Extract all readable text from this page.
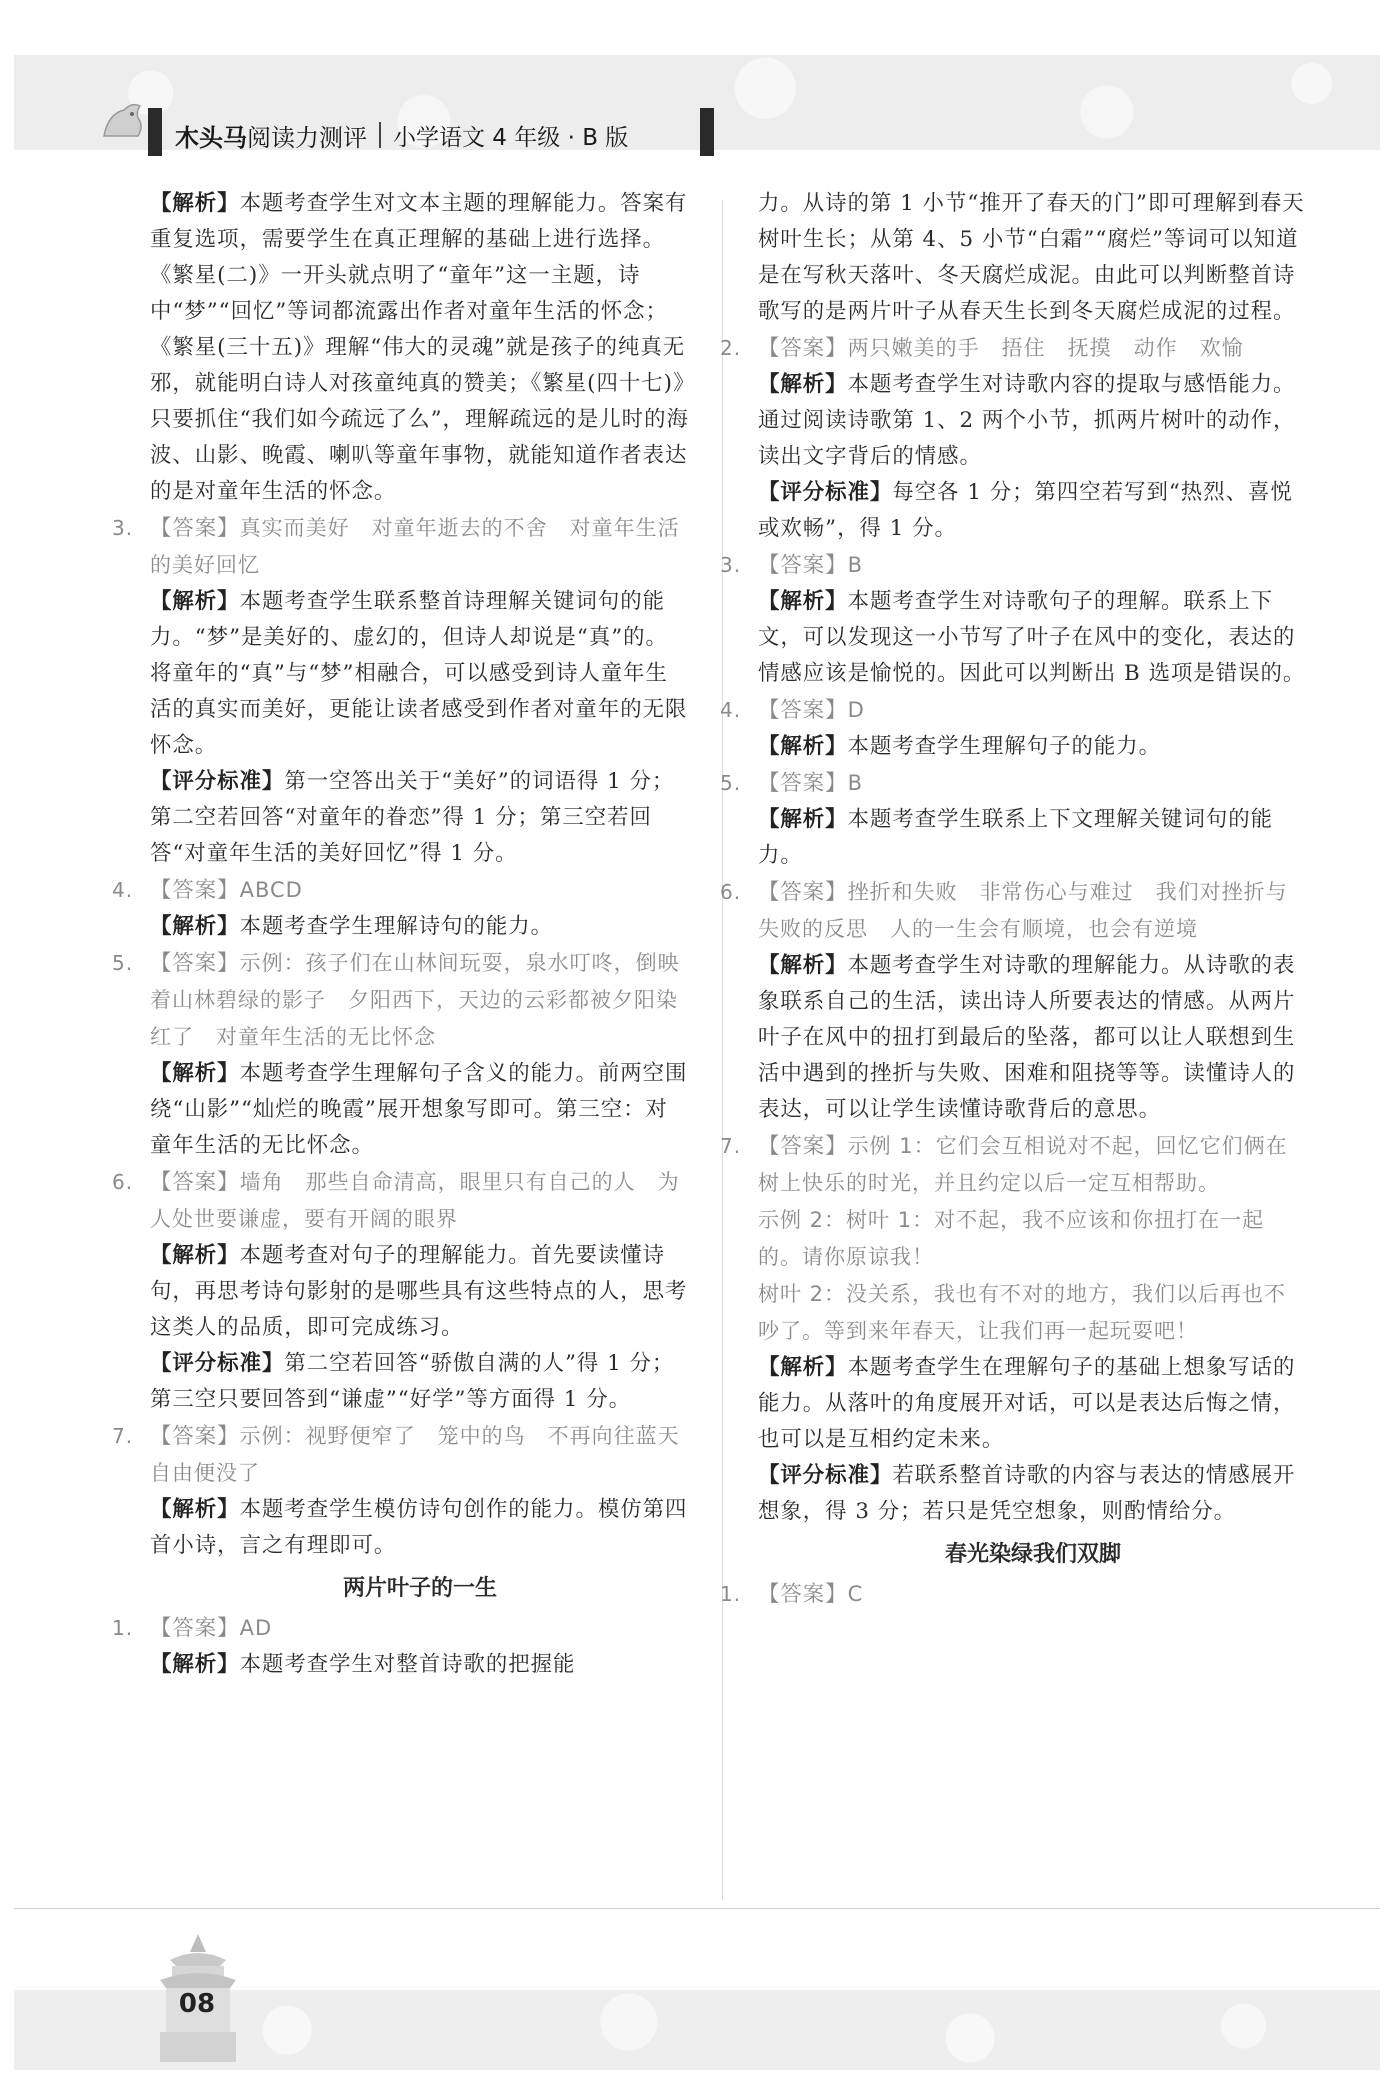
木头马阅读力测评 小学语文 4 年级 · B 版

【解析】本题考查学生对文本主题的理解能力。答案有重复选项，需要学生在真正理解的基础上进行选择。《繁星(二)》一开头就点明了“童年”这一主题，诗中“梦”“回忆”等词都流露出作者对童年生活的怀念；《繁星(三十五)》理解“伟大的灵魂”就是孩子的纯真无邪，就能明白诗人对孩童纯真的赞美；《繁星(四十七)》只要抓住“我们如今疏远了么”，理解疏远的是儿时的海波、山影、晚霞、喇叭等童年事物，就能知道作者表达的是对童年生活的怀念。

3. 【答案】真实而美好　对童年逝去的不舍　对童年生活的美好回忆

【解析】本题考查学生联系整首诗理解关键词句的能力。“梦”是美好的、虚幻的，但诗人却说是“真”的。将童年的“真”与“梦”相融合，可以感受到诗人童年生活的真实而美好，更能让读者感受到作者对童年的无限怀念。

【评分标准】第一空答出关于“美好”的词语得 1 分；第二空若回答“对童年的眷恋”得 1 分；第三空若回答“对童年生活的美好回忆”得 1 分。

4. 【答案】ABCD

【解析】本题考查学生理解诗句的能力。

5. 【答案】示例：孩子们在山林间玩耍，泉水叮咚，倒映着山林碧绿的影子　夕阳西下，天边的云彩都被夕阳染红了　对童年生活的无比怀念

【解析】本题考查学生理解句子含义的能力。前两空围绕“山影”“灿烂的晚霞”展开想象写即可。第三空：对童年生活的无比怀念。

6. 【答案】墙角　那些自命清高，眼里只有自己的人　为人处世要谦虚，要有开阔的眼界

【解析】本题考查对句子的理解能力。首先要读懂诗句，再思考诗句影射的是哪些具有这些特点的人，思考这类人的品质，即可完成练习。

【评分标准】第二空若回答“骄傲自满的人”得 1 分；第三空只要回答到“谦虚”“好学”等方面得 1 分。

7. 【答案】示例：视野便窄了　笼中的鸟　不再向往蓝天　自由便没了

【解析】本题考查学生模仿诗句创作的能力。模仿第四首小诗，言之有理即可。

两片叶子的一生
1. 【答案】AD

【解析】本题考查学生对整首诗歌的把握能

力。从诗的第 1 小节“推开了春天的门”即可理解到春天树叶生长；从第 4、5 小节“白霜”“腐烂”等词可以知道是在写秋天落叶、冬天腐烂成泥。由此可以判断整首诗歌写的是两片叶子从春天生长到冬天腐烂成泥的过程。

2. 【答案】两只嫩美的手　捂住　抚摸　动作　欢愉

【解析】本题考查学生对诗歌内容的提取与感悟能力。通过阅读诗歌第 1、2 两个小节，抓两片树叶的动作，读出文字背后的情感。

【评分标准】每空各 1 分；第四空若写到“热烈、喜悦或欢畅”，得 1 分。

3. 【答案】B

【解析】本题考查学生对诗歌句子的理解。联系上下文，可以发现这一小节写了叶子在风中的变化，表达的情感应该是愉悦的。因此可以判断出 B 选项是错误的。

4. 【答案】D

【解析】本题考查学生理解句子的能力。

5. 【答案】B

【解析】本题考查学生联系上下文理解关键词句的能力。

6. 【答案】挫折和失败　非常伤心与难过　我们对挫折与失败的反思　人的一生会有顺境，也会有逆境

【解析】本题考查学生对诗歌的理解能力。从诗歌的表象联系自己的生活，读出诗人所要表达的情感。从两片叶子在风中的扭打到最后的坠落，都可以让人联想到生活中遇到的挫折与失败、困难和阻挠等等。读懂诗人的表达，可以让学生读懂诗歌背后的意思。

7. 【答案】示例 1：它们会互相说对不起，回忆它们俩在树上快乐的时光，并且约定以后一定互相帮助。

示例 2：树叶 1：对不起，我不应该和你扭打在一起的。请你原谅我！

树叶 2：没关系，我也有不对的地方，我们以后再也不吵了。等到来年春天，让我们再一起玩耍吧！

【解析】本题考查学生在理解句子的基础上想象写话的能力。从落叶的角度展开对话，可以是表达后悔之情，也可以是互相约定未来。

【评分标准】若联系整首诗歌的内容与表达的情感展开想象，得 3 分；若只是凭空想象，则酌情给分。

春光染绿我们双脚
1. 【答案】C

08
